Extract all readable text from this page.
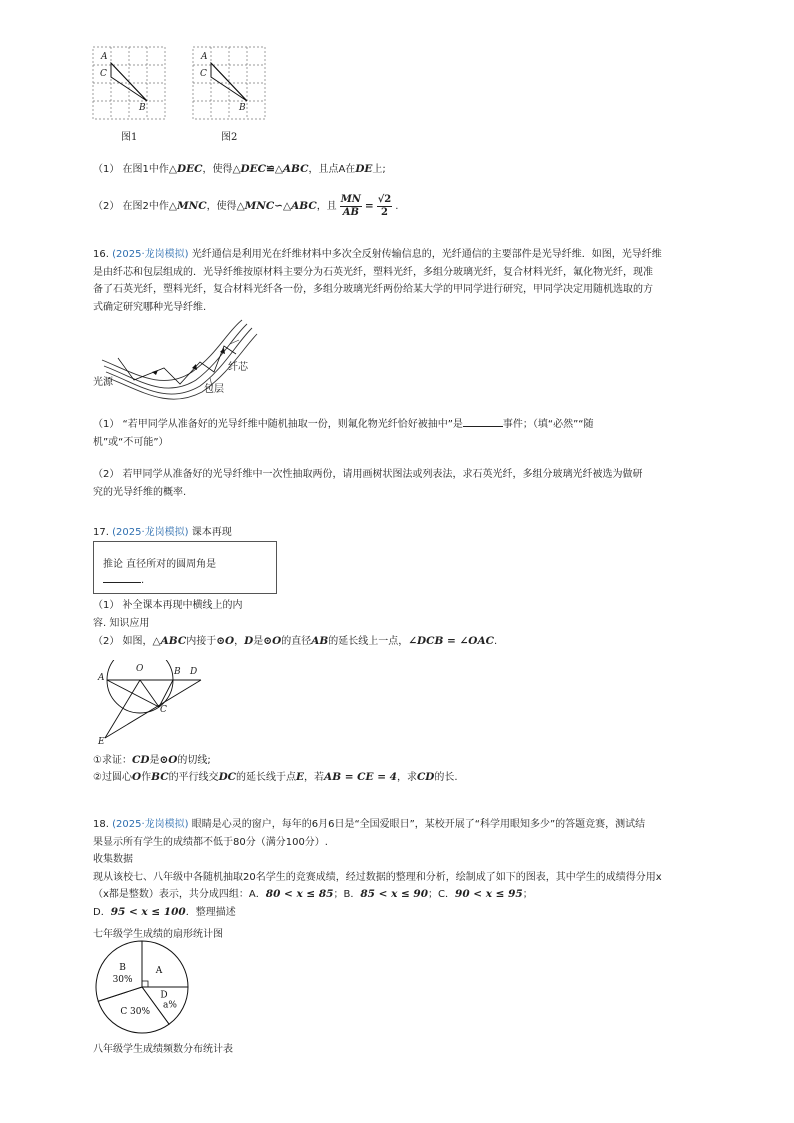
A
C
B
图1
A
C
B
图2
（1） 在图1中作△DEC，使得△DEC≌△ABC，且点A在DE上;
（2） 在图2中作△MNC，使得△MNC∽△ABC，且 $\frac{MN}{AB} = \frac{√2}{2}$ .
16. (2025·龙岗模拟) 光纤通信是利用光在纤维材料中多次全反射传输信息的，光纤通信的主要部件是光导纤维．如图，光导纤维
是由纤芯和包层组成的．光导纤维按原材料主要分为石英光纤，塑料光纤，多组分玻璃光纤，复合材料光纤，氟化物光纤，现准
备了石英光纤，塑料光纤，复合材料光纤各一份，多组分玻璃光纤两份给某大学的甲同学进行研究，甲同学决定用随机选取的方
式确定研究哪种光导纤维.
光源
纤芯
包层
（1） “若甲同学从准备好的光导纤维中随机抽取一份，则氟化物光纤恰好被抽中”是	事件；（填“必然”“随
机”或“不可能”）
（2） 若甲同学从准备好的光导纤维中一次性抽取两份，请用画树状图法或列表法，求石英光纤，多组分玻璃光纤被选为做研
究的光导纤维的概率.
17. (2025·龙岗模拟) 课本再现
推论 直径所对的圆周角是
.
（1） 补全课本再现中横线上的内
容. 知识应用
（2） 如图，△ABC内接于⊙O，D是⊙O的直径AB的延长线上一点，∠DCB = ∠OAC.
O
A
B D
C
E
①求证：CD是⊙O的切线;
②过圆心O作BC的平行线交DC的延长线于点E，若AB = CE = 4，求CD的长.
18. (2025·龙岗模拟) 眼睛是心灵的窗户，每年的6月6日是“全国爱眼日”，某校开展了“科学用眼知多少”的答题竞赛，测试结
果显示所有学生的成绩都不低于80分（满分100分）.
收集数据
现从该校七、八年级中各随机抽取20名学生的竞赛成绩，经过数据的整理和分析，绘制成了如下的图表，其中学生的成绩得分用x
（x都是整数）表示，共分成四组：A．80 < x ≤ 85；B．85 < x ≤ 90；C．90 < x ≤ 95；
D．95 < x ≤ 100．整理描述
七年级学生成绩的扇形统计图
A
B
30%
C 30%
D
a%
八年级学生成绩频数分布统计表
